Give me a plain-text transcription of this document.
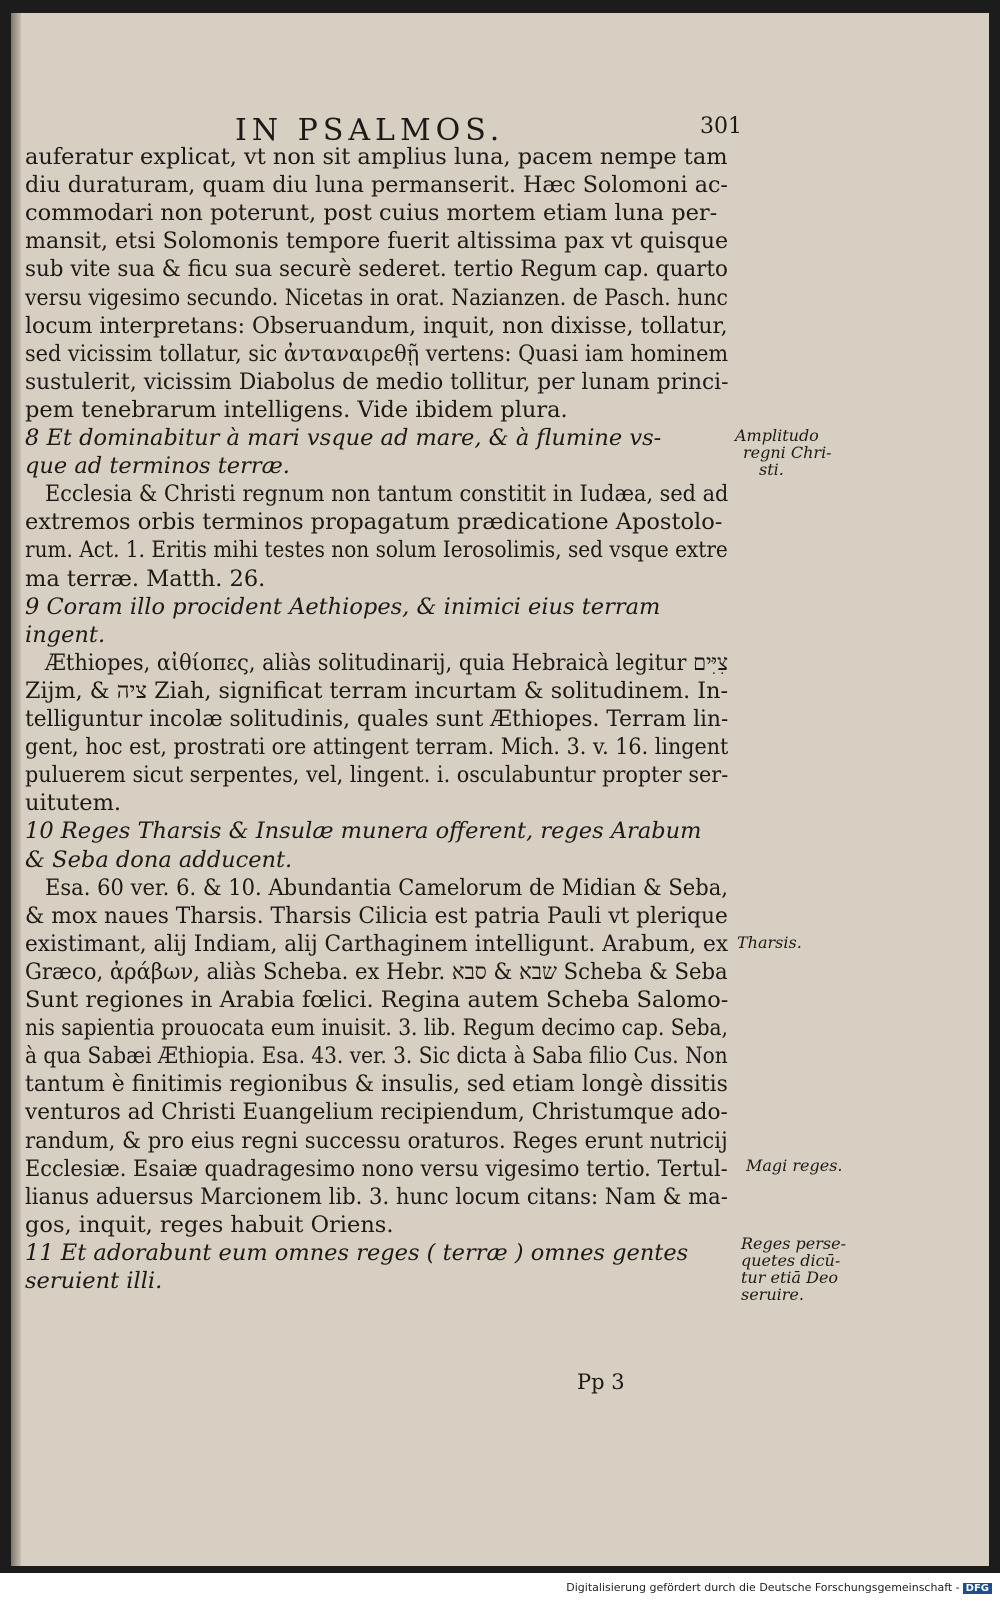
IN PSALMOS.	301
auferatur explicat, vt non sit amplius luna, pacem nempe tam
diu duraturam, quam diu luna permanserit. Hæc Solomoni ac-
commodari non poterunt, post cuius mortem etiam luna per-
mansit, etsi Solomonis tempore fuerit altissima pax vt quisque
sub vite sua & ficu sua securè sederet. tertio Regum cap. quarto
versu vigesimo secundo. Nicetas in orat. Nazianzen. de Pasch. hunc
locum interpretans: Obseruandum, inquit, non dixisse, tollatur,
sed vicissim tollatur, sic ἀνταναιρεθῇ vertens: Quasi iam hominem
sustulerit, vicissim Diabolus de medio tollitur, per lunam princi-
pem tenebrarum intelligens. Vide ibidem plura.
8 Et dominabitur à mari vsque ad mare, & à flumine vs-
que ad terminos terræ.
Ecclesia & Christi regnum non tantum constitit in Iudæa, sed ad
extremos orbis terminos propagatum prædicatione Apostolo-
rum. Act. 1. Eritis mihi testes non solum Ierosolimis, sed vsque extre
ma terræ. Matth. 26.
9 Coram illo procident Aethiopes, & inimici eius terram
ingent.
Æthiopes, αἰθίοπες, aliàs solitudinarij, quia Hebraicà legitur צִיִּים
Zijm, & ציה Ziah, significat terram incurtam & solitudinem. In-
telliguntur incolæ solitudinis, quales sunt Æthiopes. Terram lin-
gent, hoc est, prostrati ore attingent terram. Mich. 3. v. 16. lingent
puluerem sicut serpentes, vel, lingent. i. osculabuntur propter ser-
uitutem.
10 Reges Tharsis & Insulæ munera offerent, reges Arabum
& Seba dona adducent.
Esa. 60 ver. 6. & 10. Abundantia Camelorum de Midian & Seba,
& mox naues Tharsis. Tharsis Cilicia est patria Pauli vt plerique
existimant, alij Indiam, alij Carthaginem intelligunt. Arabum, ex
Græco, ἀράβων, aliàs Scheba. ex Hebr. שבא & סבא Scheba & Seba
Sunt regiones in Arabia fœlici. Regina autem Scheba Salomo-
nis sapientia prouocata eum inuisit. 3. lib. Regum decimo cap. Seba,
à qua Sabæi Æthiopia. Esa. 43. ver. 3. Sic dicta à Saba filio Cus. Non
tantum è finitimis regionibus & insulis, sed etiam longè dissitis
venturos ad Christi Euangelium recipiendum, Christumque ado-
randum, & pro eius regni successu oraturos. Reges erunt nutricij
Ecclesiæ. Esaiæ quadragesimo nono versu vigesimo tertio. Tertul-
lianus aduersus Marcionem lib. 3. hunc locum citans: Nam & ma-
gos, inquit, reges habuit Oriens.
11 Et adorabunt eum omnes reges ( terræ ) omnes gentes
seruient illi.
Amplitudo
regni Chri-
sti.
Tharsis.
Magi reges.
Reges perse-
quetes dicū-
tur etiā Deo
seruire.
Pp 3
Digitalisierung gefördert durch die Deutsche Forschungsgemeinschaft - DFG
